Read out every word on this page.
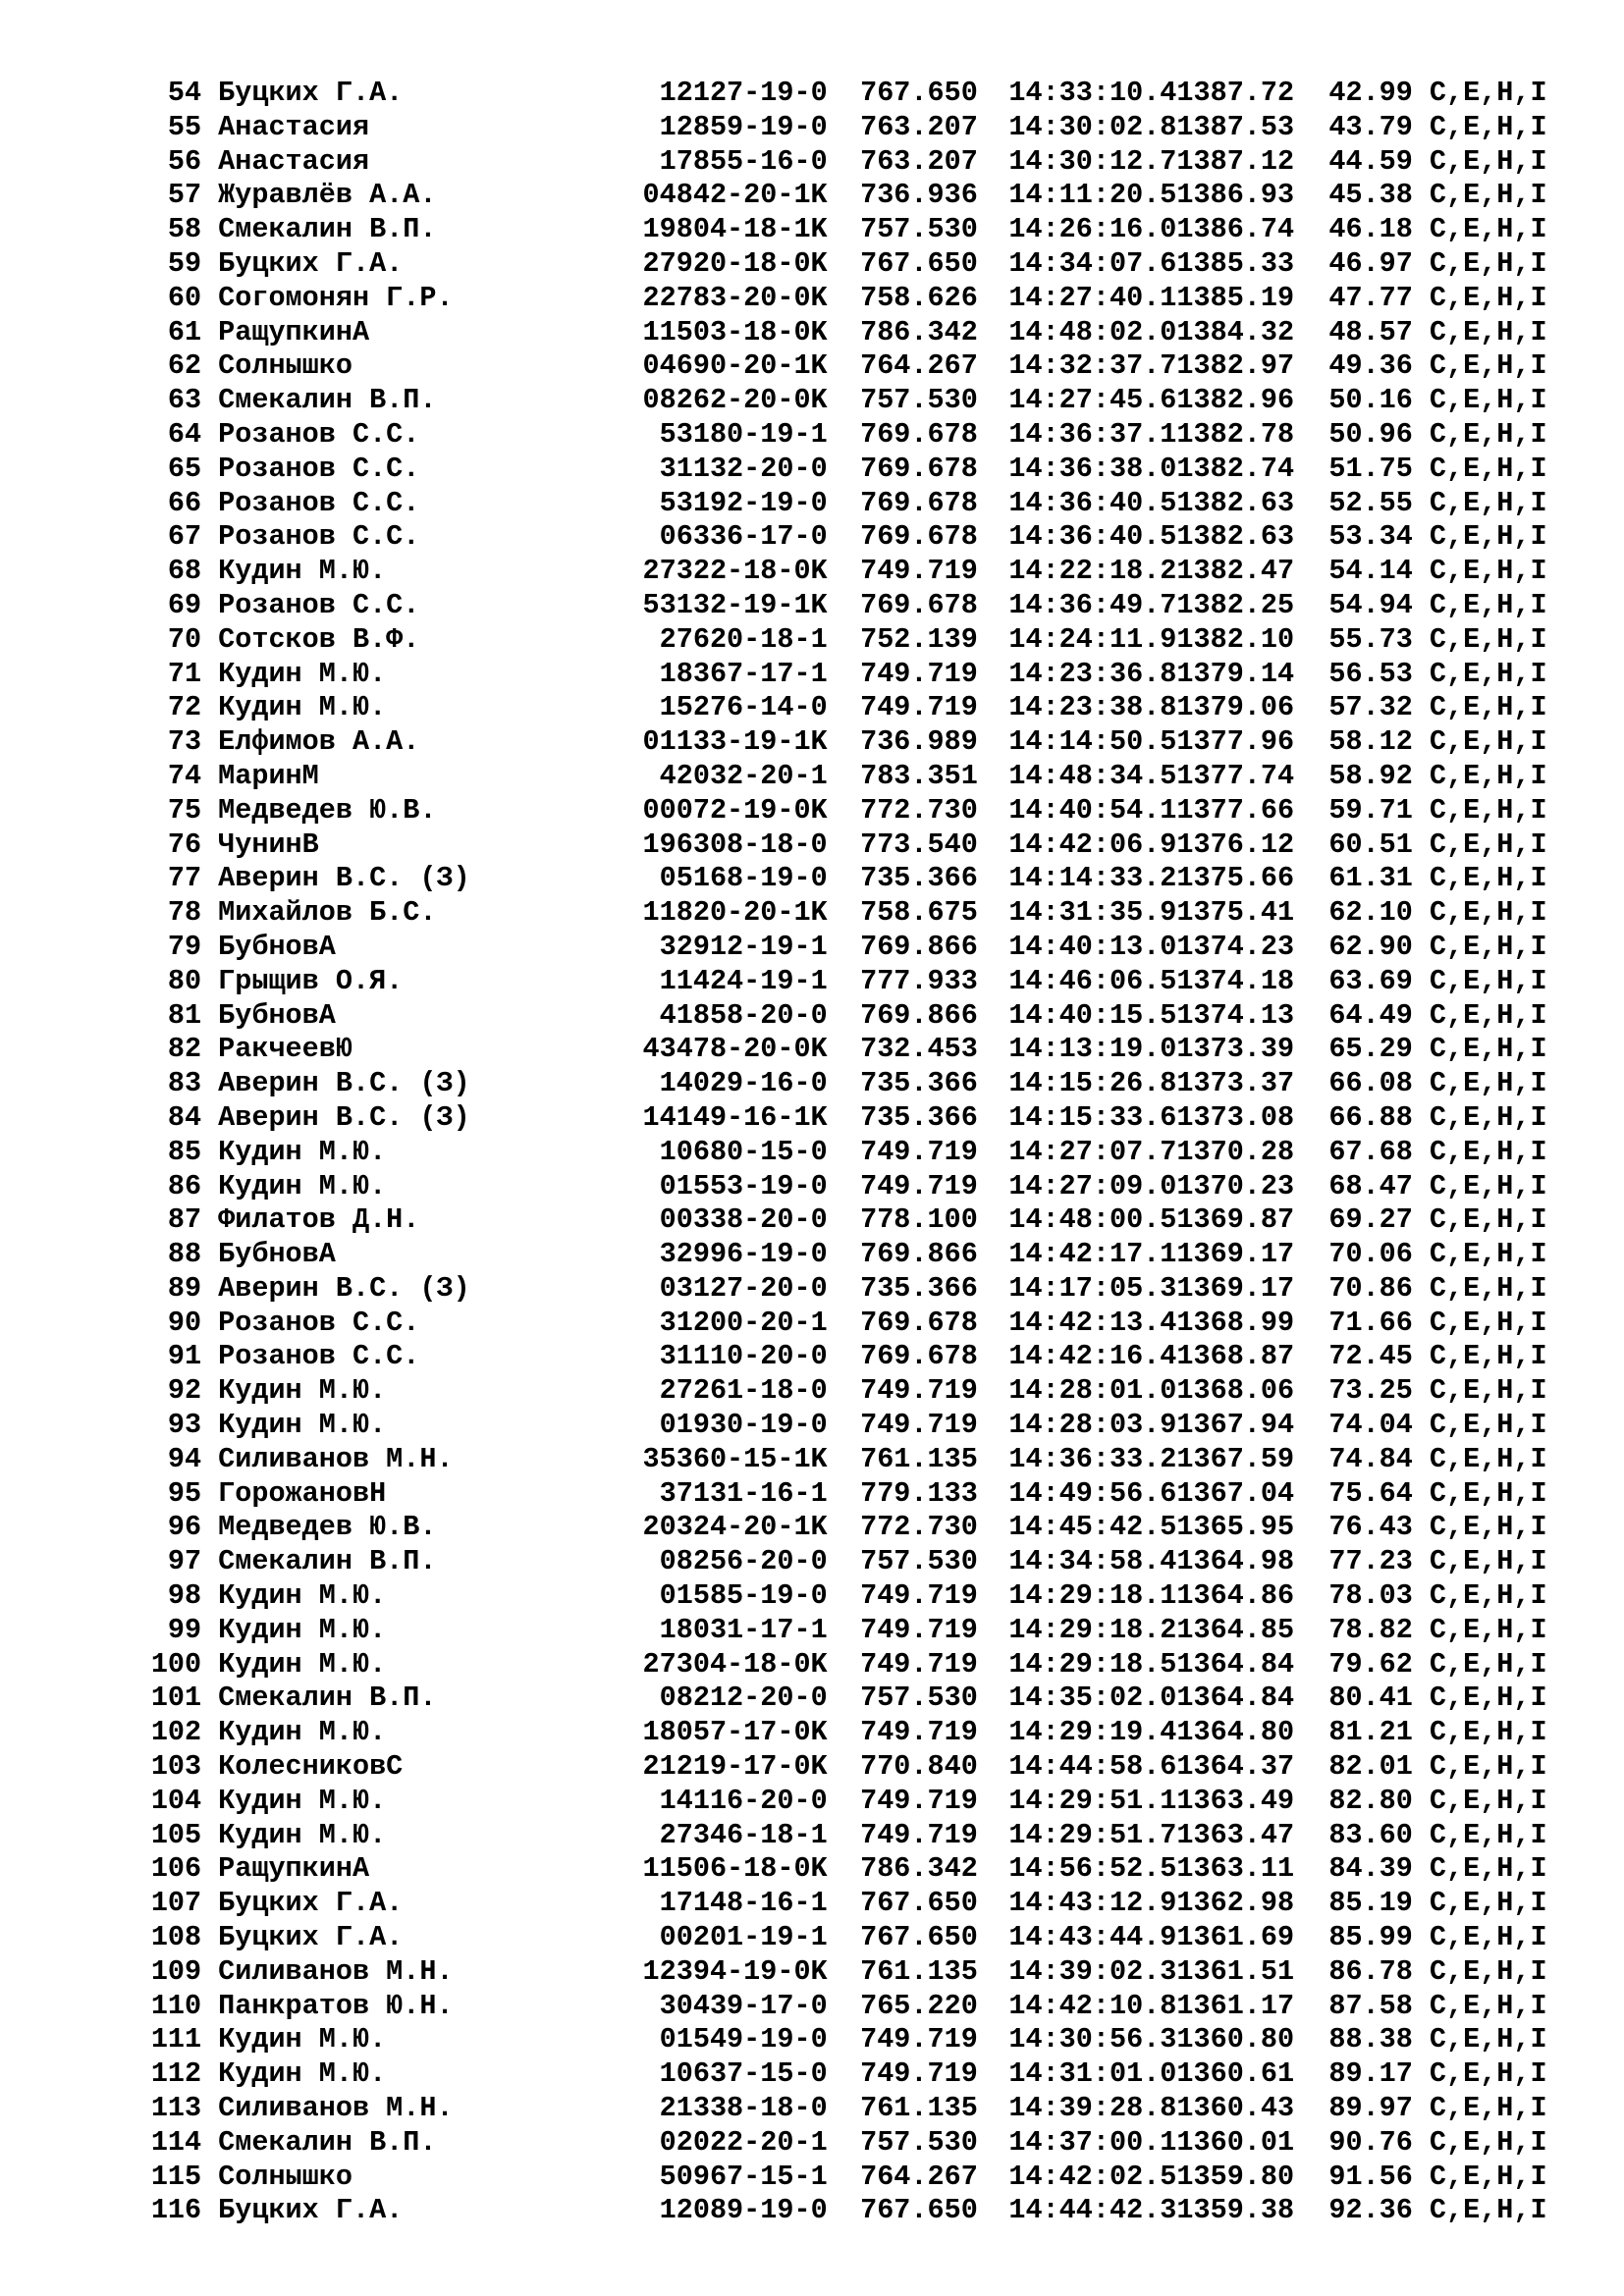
54 Буцких Г.А.	12127-19-0	767.650	14:33:10.4 1387.72	42.99 C,E,H,I
55 Анастасия	12859-19-0	763.207	14:30:02.8 1387.53	43.79 C,E,H,I
56 Анастасия	17855-16-0	763.207	14:30:12.7 1387.12	44.59 C,E,H,I
57 Журавлёв А.А.	04842-20-1K	736.936	14:11:20.5 1386.93	45.38 C,E,H,I
58 Смекалин В.П.	19804-18-1K	757.530	14:26:16.0 1386.74	46.18 C,E,H,I
59 Буцких Г.А.	27920-18-0K	767.650	14:34:07.6 1385.33	46.97 C,E,H,I
60 Согомонян Г.Р.	22783-20-0K	758.626	14:27:40.1 1385.19	47.77 C,E,H,I
61 РащупкинА	11503-18-0K	786.342	14:48:02.0 1384.32	48.57 C,E,H,I
62 Солнышко	04690-20-1K	764.267	14:32:37.7 1382.97	49.36 C,E,H,I
63 Смекалин В.П.	08262-20-0K	757.530	14:27:45.6 1382.96	50.16 C,E,H,I
64 Розанов С.С.	53180-19-1	769.678	14:36:37.1 1382.78	50.96 C,E,H,I
65 Розанов С.С.	31132-20-0	769.678	14:36:38.0 1382.74	51.75 C,E,H,I
66 Розанов С.С.	53192-19-0	769.678	14:36:40.5 1382.63	52.55 C,E,H,I
67 Розанов С.С.	06336-17-0	769.678	14:36:40.5 1382.63	53.34 C,E,H,I
68 Кудин М.Ю.	27322-18-0K	749.719	14:22:18.2 1382.47	54.14 C,E,H,I
69 Розанов С.С.	53132-19-1K	769.678	14:36:49.7 1382.25	54.94 C,E,H,I
70 Сотсков В.Ф.	27620-18-1	752.139	14:24:11.9 1382.10	55.73 C,E,H,I
71 Кудин М.Ю.	18367-17-1	749.719	14:23:36.8 1379.14	56.53 C,E,H,I
72 Кудин М.Ю.	15276-14-0	749.719	14:23:38.8 1379.06	57.32 C,E,H,I
73 Елфимов А.А.	01133-19-1K	736.989	14:14:50.5 1377.96	58.12 C,E,H,I
74 МаринМ	42032-20-1	783.351	14:48:34.5 1377.74	58.92 C,E,H,I
75 Медведев Ю.В.	00072-19-0K	772.730	14:40:54.1 1377.66	59.71 C,E,H,I
76 ЧунинВ	196308-18-0	773.540	14:42:06.9 1376.12	60.51 C,E,H,I
77 Аверин В.С. (З)	05168-19-0	735.366	14:14:33.2 1375.66	61.31 C,E,H,I
78 Михайлов Б.С.	11820-20-1K	758.675	14:31:35.9 1375.41	62.10 C,E,H,I
79 БубновА	32912-19-1	769.866	14:40:13.0 1374.23	62.90 C,E,H,I
80 Грыщив О.Я.	11424-19-1	777.933	14:46:06.5 1374.18	63.69 C,E,H,I
81 БубновА	41858-20-0	769.866	14:40:15.5 1374.13	64.49 C,E,H,I
82 РакчеевЮ	43478-20-0K	732.453	14:13:19.0 1373.39	65.29 C,E,H,I
83 Аверин В.С. (З)	14029-16-0	735.366	14:15:26.8 1373.37	66.08 C,E,H,I
84 Аверин В.С. (З)	14149-16-1K	735.366	14:15:33.6 1373.08	66.88 C,E,H,I
85 Кудин М.Ю.	10680-15-0	749.719	14:27:07.7 1370.28	67.68 C,E,H,I
86 Кудин М.Ю.	01553-19-0	749.719	14:27:09.0 1370.23	68.47 C,E,H,I
87 Филатов Д.Н.	00338-20-0	778.100	14:48:00.5 1369.87	69.27 C,E,H,I
88 БубновА	32996-19-0	769.866	14:42:17.1 1369.17	70.06 C,E,H,I
89 Аверин В.С. (З)	03127-20-0	735.366	14:17:05.3 1369.17	70.86 C,E,H,I
90 Розанов С.С.	31200-20-1	769.678	14:42:13.4 1368.99	71.66 C,E,H,I
91 Розанов С.С.	31110-20-0	769.678	14:42:16.4 1368.87	72.45 C,E,H,I
92 Кудин М.Ю.	27261-18-0	749.719	14:28:01.0 1368.06	73.25 C,E,H,I
93 Кудин М.Ю.	01930-19-0	749.719	14:28:03.9 1367.94	74.04 C,E,H,I
94 Силиванов М.Н.	35360-15-1K	761.135	14:36:33.2 1367.59	74.84 C,E,H,I
95 ГорожановН	37131-16-1	779.133	14:49:56.6 1367.04	75.64 C,E,H,I
96 Медведев Ю.В.	20324-20-1K	772.730	14:45:42.5 1365.95	76.43 C,E,H,I
97 Смекалин В.П.	08256-20-0	757.530	14:34:58.4 1364.98	77.23 C,E,H,I
98 Кудин М.Ю.	01585-19-0	749.719	14:29:18.1 1364.86	78.03 C,E,H,I
99 Кудин М.Ю.	18031-17-1	749.719	14:29:18.2 1364.85	78.82 C,E,H,I
100 Кудин М.Ю.	27304-18-0K	749.719	14:29:18.5 1364.84	79.62 C,E,H,I
101 Смекалин В.П.	08212-20-0	757.530	14:35:02.0 1364.84	80.41 C,E,H,I
102 Кудин М.Ю.	18057-17-0K	749.719	14:29:19.4 1364.80	81.21 C,E,H,I
103 КолесниковС	21219-17-0K	770.840	14:44:58.6 1364.37	82.01 C,E,H,I
104 Кудин М.Ю.	14116-20-0	749.719	14:29:51.1 1363.49	82.80 C,E,H,I
105 Кудин М.Ю.	27346-18-1	749.719	14:29:51.7 1363.47	83.60 C,E,H,I
106 РащупкинА	11506-18-0K	786.342	14:56:52.5 1363.11	84.39 C,E,H,I
107 Буцких Г.А.	17148-16-1	767.650	14:43:12.9 1362.98	85.19 C,E,H,I
108 Буцких Г.А.	00201-19-1	767.650	14:43:44.9 1361.69	85.99 C,E,H,I
109 Силиванов М.Н.	12394-19-0K	761.135	14:39:02.3 1361.51	86.78 C,E,H,I
110 Панкратов Ю.Н.	30439-17-0	765.220	14:42:10.8 1361.17	87.58 C,E,H,I
111 Кудин М.Ю.	01549-19-0	749.719	14:30:56.3 1360.80	88.38 C,E,H,I
112 Кудин М.Ю.	10637-15-0	749.719	14:31:01.0 1360.61	89.17 C,E,H,I
113 Силиванов М.Н.	21338-18-0	761.135	14:39:28.8 1360.43	89.97 C,E,H,I
114 Смекалин В.П.	02022-20-1	757.530	14:37:00.1 1360.01	90.76 C,E,H,I
115 Солнышко	50967-15-1	764.267	14:42:02.5 1359.80	91.56 C,E,H,I
116 Буцких Г.А.	12089-19-0	767.650	14:44:42.3 1359.38	92.36 C,E,H,I
